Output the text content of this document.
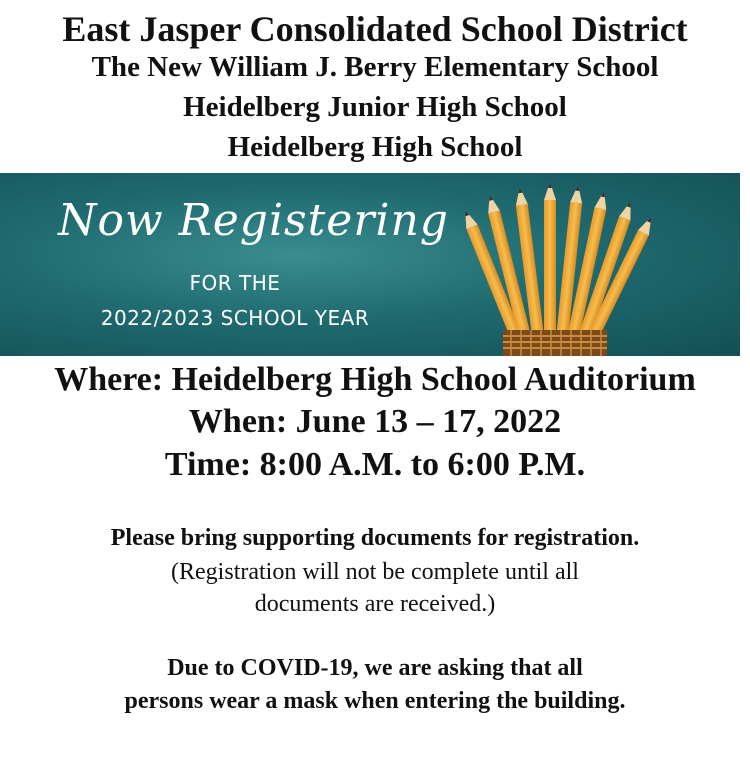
East Jasper Consolidated School District
The New William J. Berry Elementary School
Heidelberg Junior High School
Heidelberg High School
Now Registering
FOR THE
2022/2023 SCHOOL YEAR
Where: Heidelberg High School Auditorium
When: June 13 – 17, 2022
Time: 8:00 A.M. to 6:00 P.M.
Please bring supporting documents for registration.
(Registration will not be complete until all
documents are received.)
Due to COVID-19, we are asking that all
persons wear a mask when entering the building.
